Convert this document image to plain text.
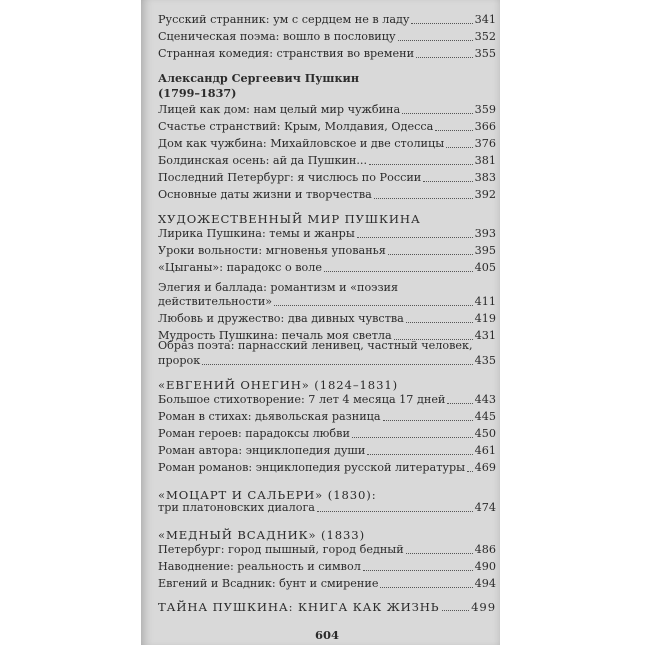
Русский странник: ум с сердцем не в ладу	341
Сценическая поэма: вошло в пословицу	352
Странная комедия: странствия во времени	355
Александр Сергеевич Пушкин
(1799–1837)
Лицей как дом: нам целый мир чужбина	359
Счастье странствий: Крым, Молдавия, Одесса	366
Дом как чужбина: Михайловское и две столицы	376
Болдинская осень: ай да Пушкин...	381
Последний Петербург: я числюсь по России	383
Основные даты жизни и творчества	392
ХУДОЖЕСТВЕННЫЙ МИР ПУШКИНА
Лирика Пушкина: темы и жанры	393
Уроки вольности: мгновенья упованья	395
«Цыганы»: парадокс о воле	405
Элегия и баллада: романтизм и «поэзия
действительности»	411
Любовь и дружество: два дивных чувства	419
Мудрость Пушкина: печаль моя светла	431
Образ поэта: парнасский ленивец, частный человек,
пророк	435
«ЕВГЕНИЙ ОНЕГИН» (1824–1831)
Большое стихотворение: 7 лет 4 месяца 17 дней	443
Роман в стихах: дьявольская разница	445
Роман героев: парадоксы любви	450
Роман автора: энциклопедия души	461
Роман романов: энциклопедия русской литературы 469
«МОЦАРТ И САЛЬЕРИ» (1830):
три платоновских диалога	474
«МЕДНЫЙ ВСАДНИК» (1833)
Петербург: город пышный, город бедный	486
Наводнение: реальность и символ	490
Евгений и Всадник: бунт и смирение	494
ТАЙНА ПУШКИНА: КНИГА КАК ЖИЗНЬ	499
604
